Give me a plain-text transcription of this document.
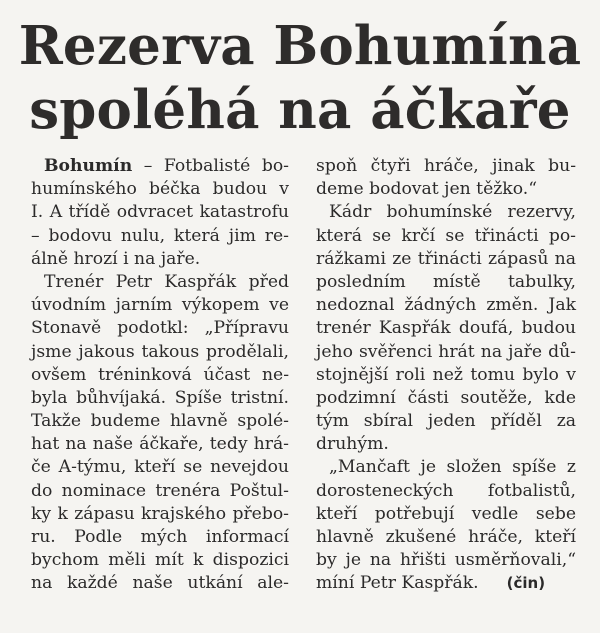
Rezerva Bohumína
spoléhá na áčkaře
Bohumín – Fotbalisté bo-
humínského béčka budou v
I. A třídě odvracet katastrofu
– bodovu nulu, která jim re-
álně hrozí i na jaře.
Trenér Petr Kaspřák před
úvodním jarním výkopem ve
Stonavě podotkl: „Přípravu
jsme jakous takous prodělali,
ovšem tréninková účast ne-
byla bůhvíjaká. Spíše tristní.
Takže budeme hlavně spolé-
hat na naše áčkaře, tedy hrá-
če A-týmu, kteří se nevejdou
do nominace trenéra Poštul-
ky k zápasu krajského přebo-
ru. Podle mých informací
bychom měli mít k dispozici
na každé naše utkání ale-
spoň čtyři hráče, jinak bu-
deme bodovat jen těžko.“
Kádr bohumínské rezervy,
která se krčí se třinácti po-
rážkami ze třinácti zápasů na
posledním místě tabulky,
nedoznal žádných změn. Jak
trenér Kaspřák doufá, budou
jeho svěřenci hrát na jaře dů-
stojnější roli než tomu bylo v
podzimní části soutěže, kde
tým sbíral jeden příděl za
druhým.
„Mančaft je složen spíše z
dorosteneckých fotbalistů,
kteří potřebují vedle sebe
hlavně zkušené hráče, kteří
by je na hřišti usměrňovali,“
míní Petr Kaspřák. (čin)
